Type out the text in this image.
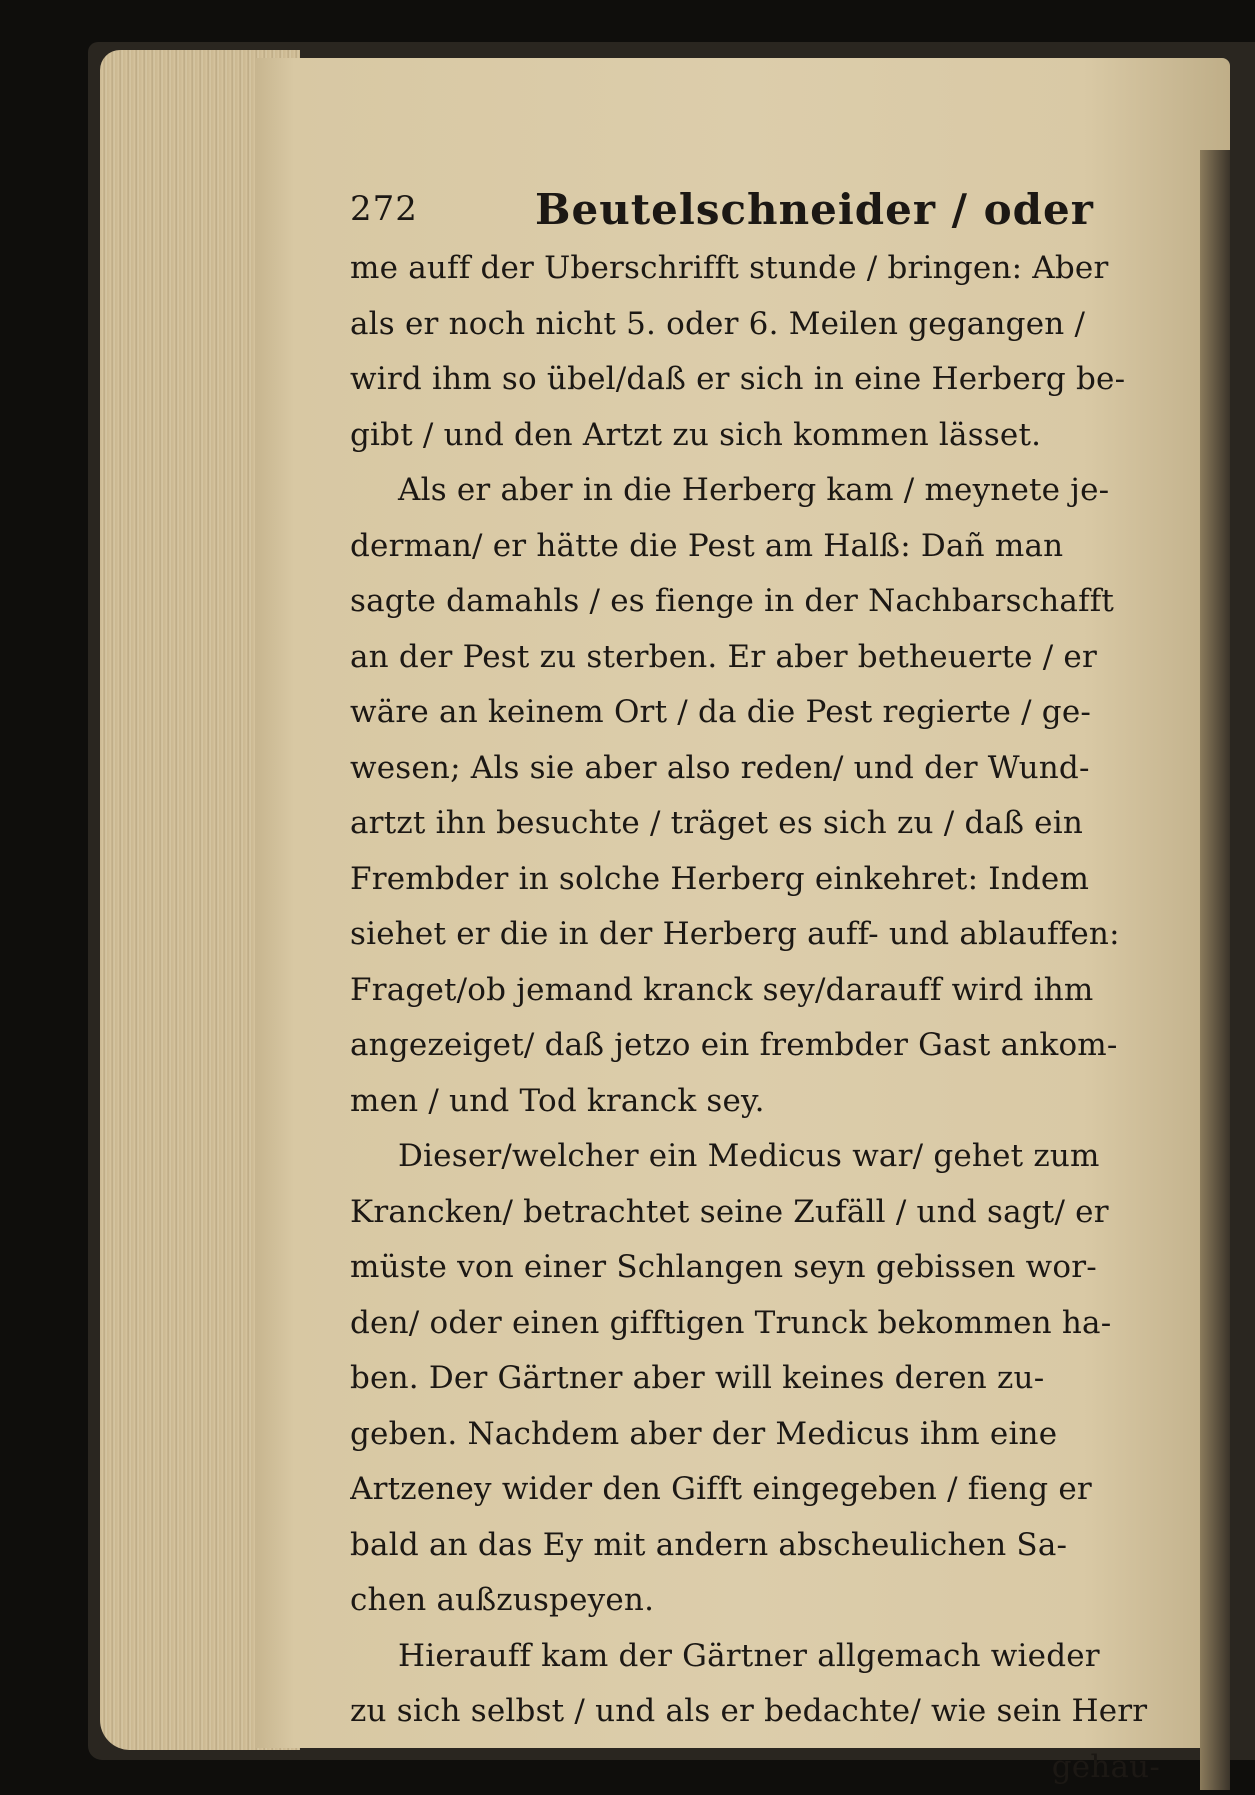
272	Beutelschneider / oder
me auff der Uberschrifft stunde / bringen: Aber
als er noch nicht 5. oder 6. Meilen gegangen /
wird ihm so übel/daß er sich in eine Herberg be-
gibt / und den Artzt zu sich kommen lässet.
Als er aber in die Herberg kam / meynete je-
derman/ er hätte die Pest am Halß: Dañ man
sagte damahls / es fienge in der Nachbarschafft
an der Pest zu sterben. Er aber betheuerte / er
wäre an keinem Ort / da die Pest regierte / ge-
wesen; Als sie aber also reden/ und der Wund-
artzt ihn besuchte / träget es sich zu / daß ein
Frembder in solche Herberg einkehret: Indem
siehet er die in der Herberg auff- und ablauffen:
Fraget/ob jemand kranck sey/darauff wird ihm
angezeiget/ daß jetzo ein frembder Gast ankom-
men / und Tod kranck sey.
Dieser/welcher ein Medicus war/ gehet zum
Krancken/ betrachtet seine Zufäll / und sagt/ er
müste von einer Schlangen seyn gebissen wor-
den/ oder einen gifftigen Trunck bekommen ha-
ben. Der Gärtner aber will keines deren zu-
geben. Nachdem aber der Medicus ihm eine
Artzeney wider den Gifft eingegeben / fieng er
bald an das Ey mit andern abscheulichen Sa-
chen außzuspeyen.
Hierauff kam der Gärtner allgemach wieder
zu sich selbst / und als er bedachte/ wie sein Herr
gehau-
